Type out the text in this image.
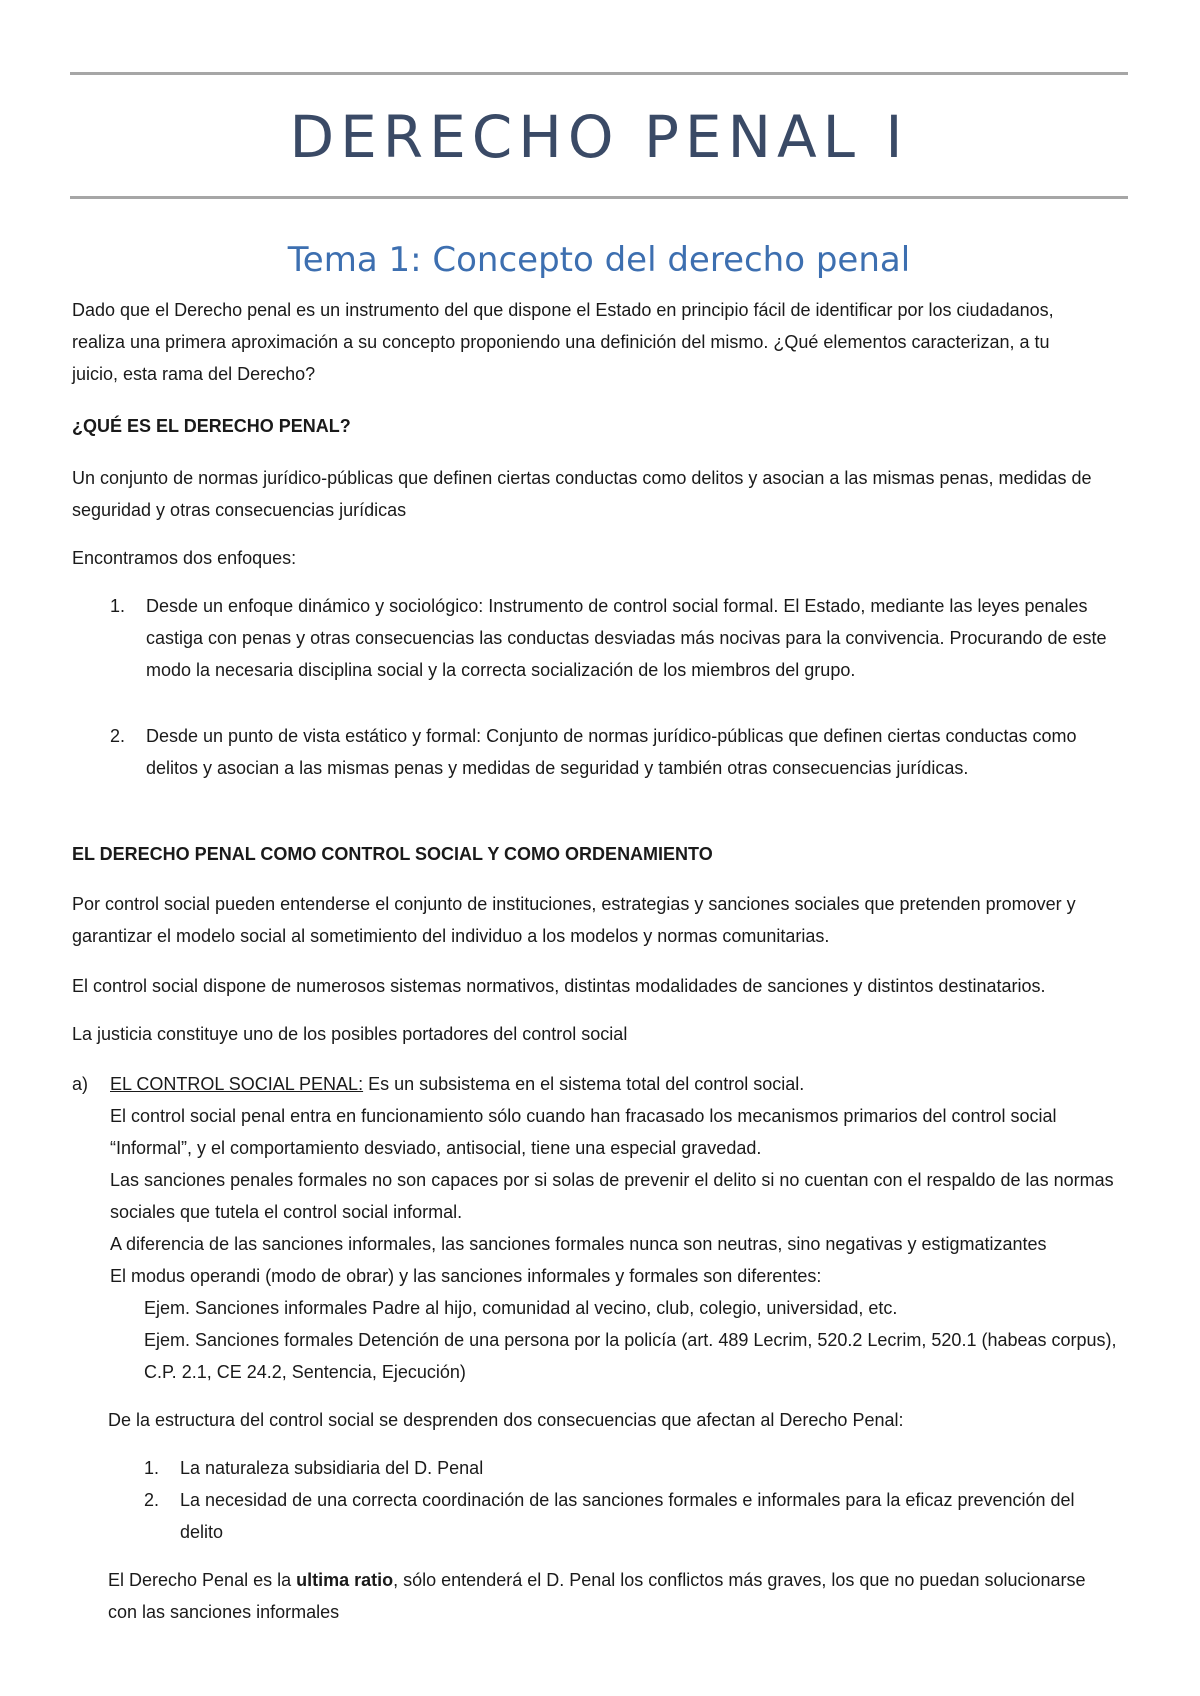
DERECHO PENAL I
Tema 1: Concepto del derecho penal

Dado que el Derecho penal es un instrumento del que dispone el Estado en principio fácil de identificar por los ciudadanos, realiza una primera aproximación a su concepto proponiendo una definición del mismo. ¿Qué elementos caracterizan, a tu juicio, esta rama del Derecho?

¿QUÉ ES EL DERECHO PENAL?

Un conjunto de normas jurídico-públicas que definen ciertas conductas como delitos y asocian a las mismas penas, medidas de seguridad y otras consecuencias jurídicas

Encontramos dos enfoques:

1. Desde un enfoque dinámico y sociológico: Instrumento de control social formal. El Estado, mediante las leyes penales castiga con penas y otras consecuencias las conductas desviadas más nocivas para la convivencia. Procurando de este modo la necesaria disciplina social y la correcta socialización de los miembros del grupo.

2. Desde un punto de vista estático y formal: Conjunto de normas jurídico-públicas que definen ciertas conductas como delitos y asocian a las mismas penas y medidas de seguridad y también otras consecuencias jurídicas.

EL DERECHO PENAL COMO CONTROL SOCIAL Y COMO ORDENAMIENTO

Por control social pueden entenderse el conjunto de instituciones, estrategias y sanciones sociales que pretenden promover y garantizar el modelo social al sometimiento del individuo a los modelos y normas comunitarias.

El control social dispone de numerosos sistemas normativos, distintas modalidades de sanciones y distintos destinatarios.

La justicia constituye uno de los posibles portadores del control social

a) EL CONTROL SOCIAL PENAL: Es un subsistema en el sistema total del control social.

El control social penal entra en funcionamiento sólo cuando han fracasado los mecanismos primarios del control social “Informal”, y el comportamiento desviado, antisocial, tiene una especial gravedad.

Las sanciones penales formales no son capaces por si solas de prevenir el delito si no cuentan con el respaldo de las normas sociales que tutela el control social informal.

A diferencia de las sanciones informales, las sanciones formales nunca son neutras, sino negativas y estigmatizantes

El modus operandi (modo de obrar) y las sanciones informales y formales son diferentes:

Ejem. Sanciones informales Padre al hijo, comunidad al vecino, club, colegio, universidad, etc.

Ejem. Sanciones formales Detención de una persona por la policía (art. 489 Lecrim, 520.2 Lecrim, 520.1 (habeas corpus), C.P. 2.1, CE 24.2, Sentencia, Ejecución)

De la estructura del control social se desprenden dos consecuencias que afectan al Derecho Penal:

1. La naturaleza subsidiaria del D. Penal

2. La necesidad de una correcta coordinación de las sanciones formales e informales para la eficaz prevención del delito

El Derecho Penal es la ultima ratio, sólo entenderá el D. Penal los conflictos más graves, los que no puedan solucionarse con las sanciones informales
